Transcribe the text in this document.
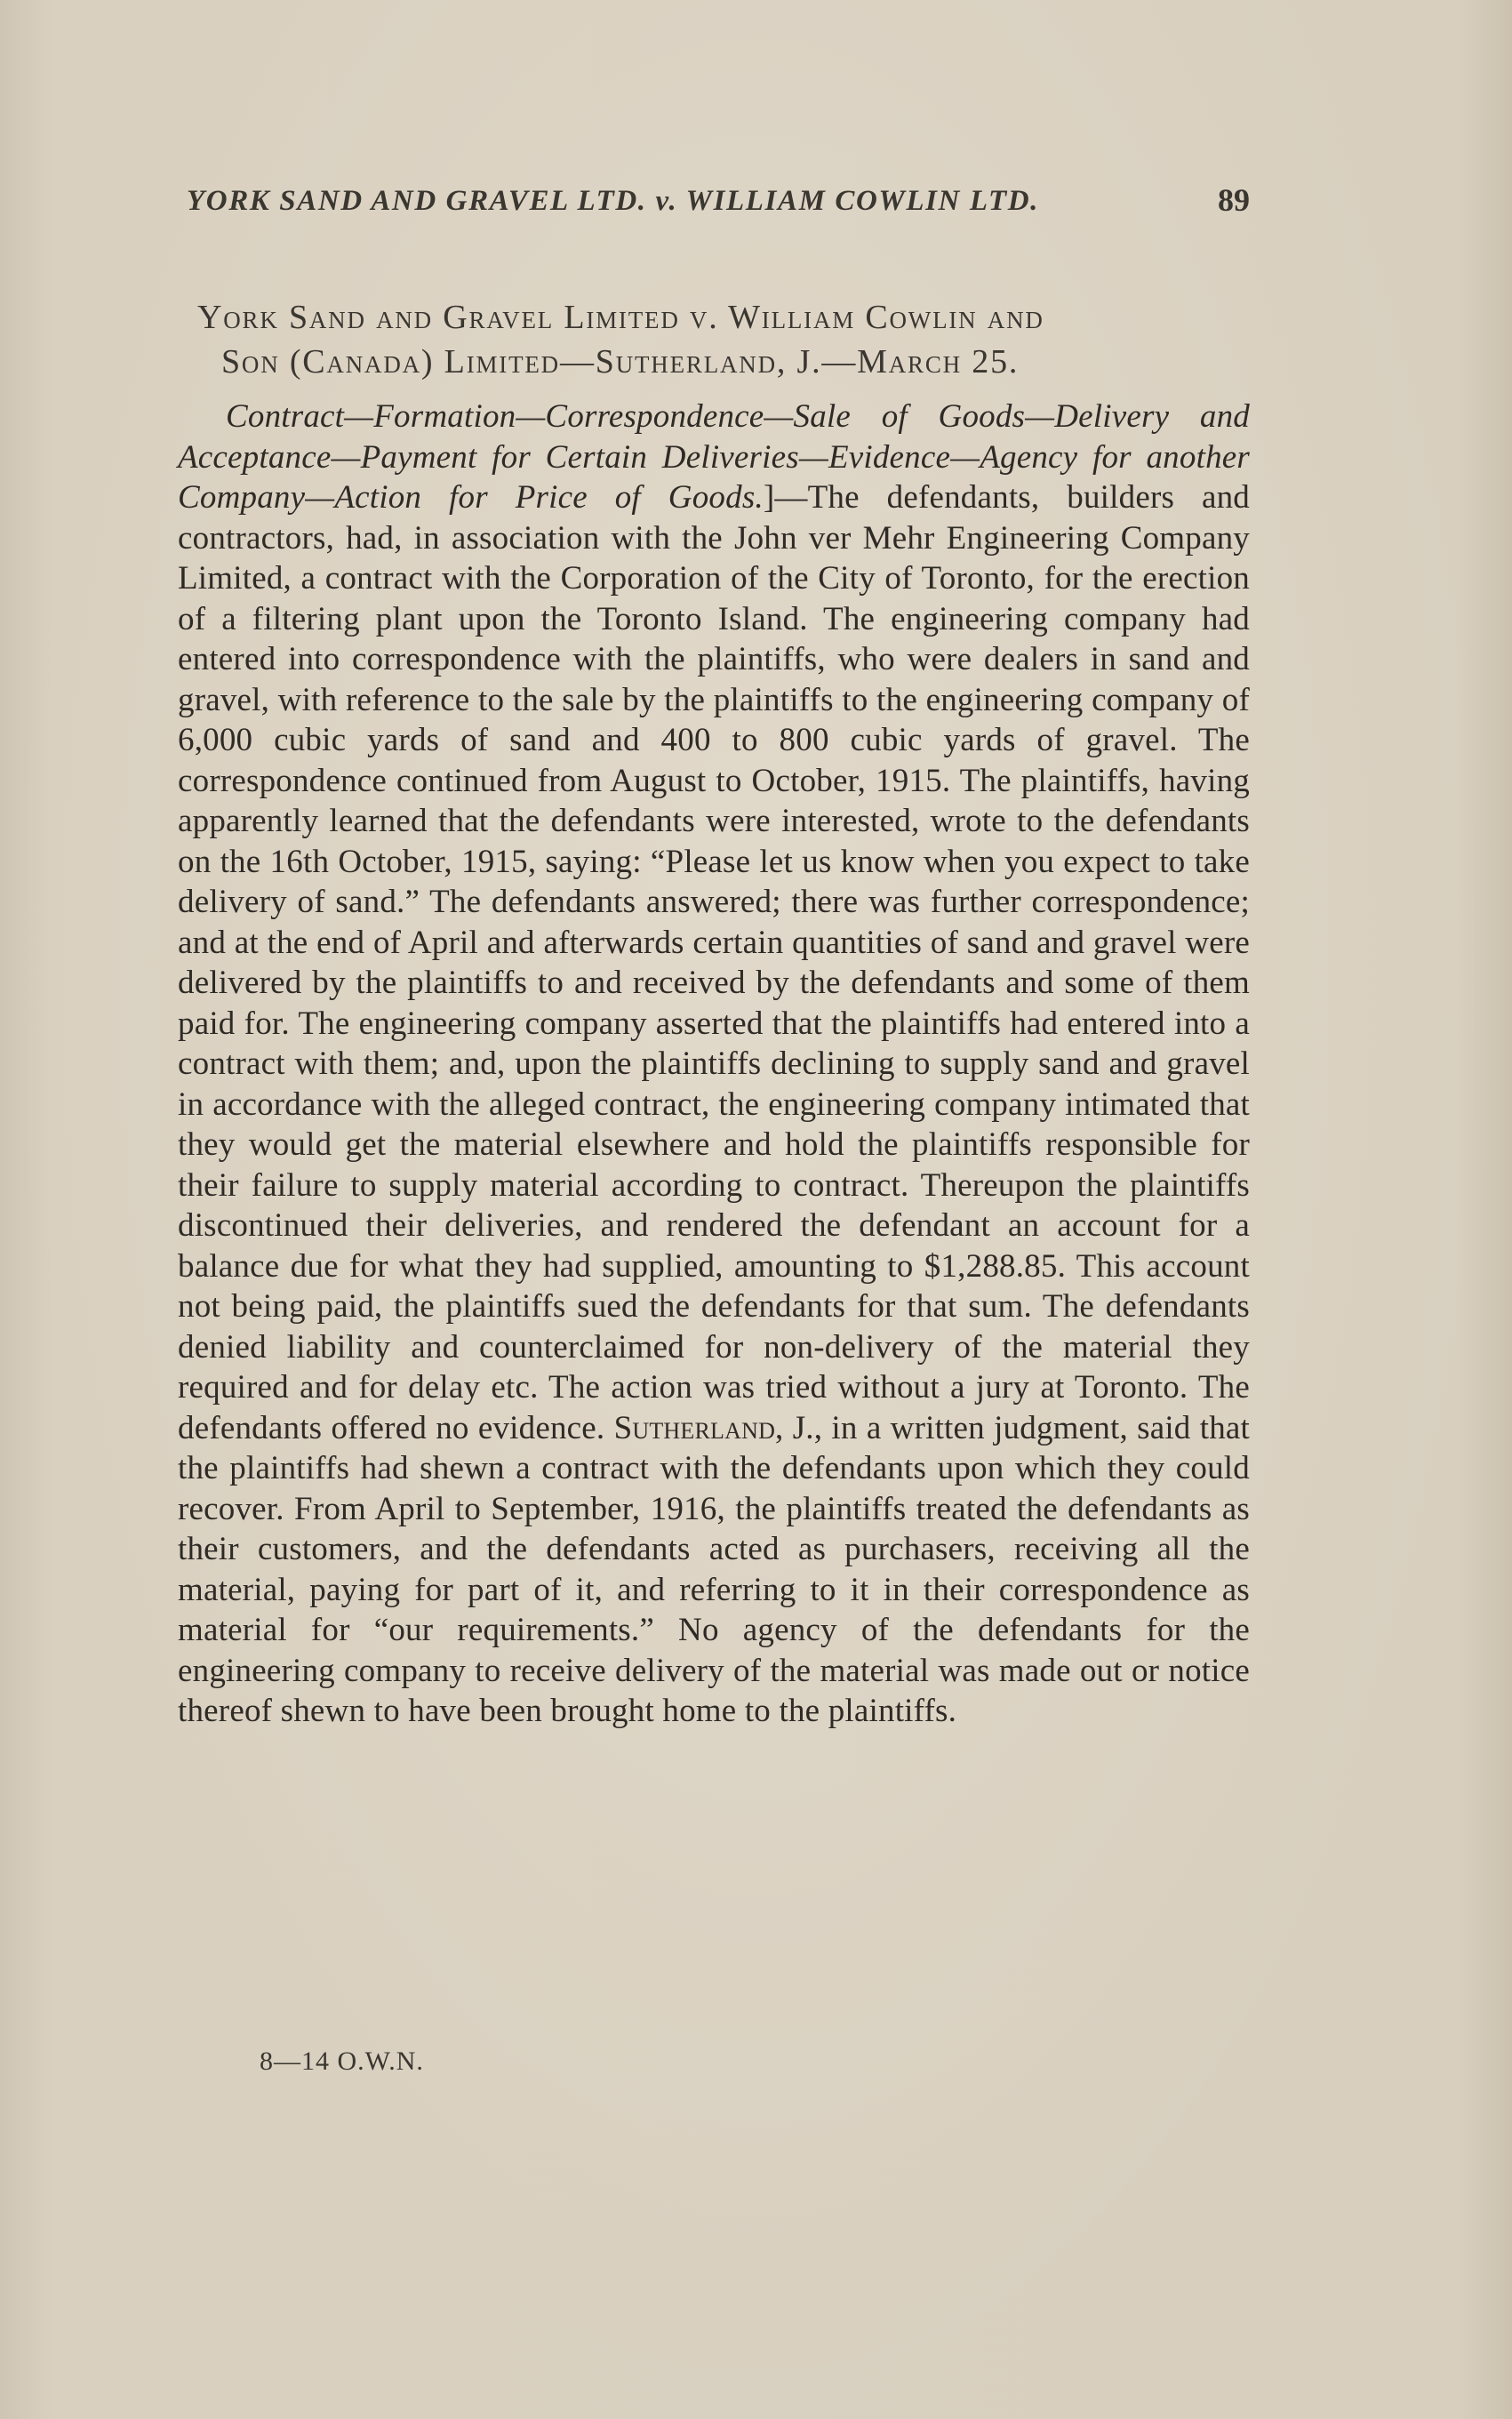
YORK SAND AND GRAVEL LTD. v. WILLIAM COWLIN LTD.	89
York Sand and Gravel Limited v. William Cowlin and
Son (Canada) Limited—Sutherland, J.—March 25.
Contract—Formation—Correspondence—Sale of Goods—Delivery and Acceptance—Payment for Certain Deliveries—Evidence—Agency for another Company—Action for Price of Goods.]—The defendants, builders and contractors, had, in association with the John ver Mehr Engineering Company Limited, a contract with the Corporation of the City of Toronto, for the erection of a filtering plant upon the Toronto Island. The engineering company had entered into correspondence with the plaintiffs, who were dealers in sand and gravel, with reference to the sale by the plaintiffs to the engineering company of 6,000 cubic yards of sand and 400 to 800 cubic yards of gravel. The correspondence continued from August to October, 1915. The plaintiffs, having apparently learned that the defendants were interested, wrote to the defendants on the 16th October, 1915, saying: “Please let us know when you expect to take delivery of sand.” The defendants answered; there was further correspondence; and at the end of April and afterwards certain quantities of sand and gravel were delivered by the plaintiffs to and received by the defendants and some of them paid for. The engineering company asserted that the plaintiffs had entered into a contract with them; and, upon the plaintiffs declining to supply sand and gravel in accordance with the alleged contract, the engineering company intimated that they would get the material elsewhere and hold the plaintiffs responsible for their failure to supply material according to contract. Thereupon the plaintiffs discontinued their deliveries, and rendered the defendant an account for a balance due for what they had supplied, amounting to $1,288.85. This account not being paid, the plaintiffs sued the defendants for that sum. The defendants denied liability and counterclaimed for non-delivery of the material they required and for delay etc. The action was tried without a jury at Toronto. The defendants offered no evidence. Sutherland, J., in a written judgment, said that the plaintiffs had shewn a contract with the defendants upon which they could recover. From April to September, 1916, the plaintiffs treated the defendants as their customers, and the defendants acted as purchasers, receiving all the material, paying for part of it, and referring to it in their correspondence as material for “our requirements.” No agency of the defendants for the engineering company to receive delivery of the material was made out or notice thereof shewn to have been brought home to the plaintiffs.
8—14 O.W.N.
